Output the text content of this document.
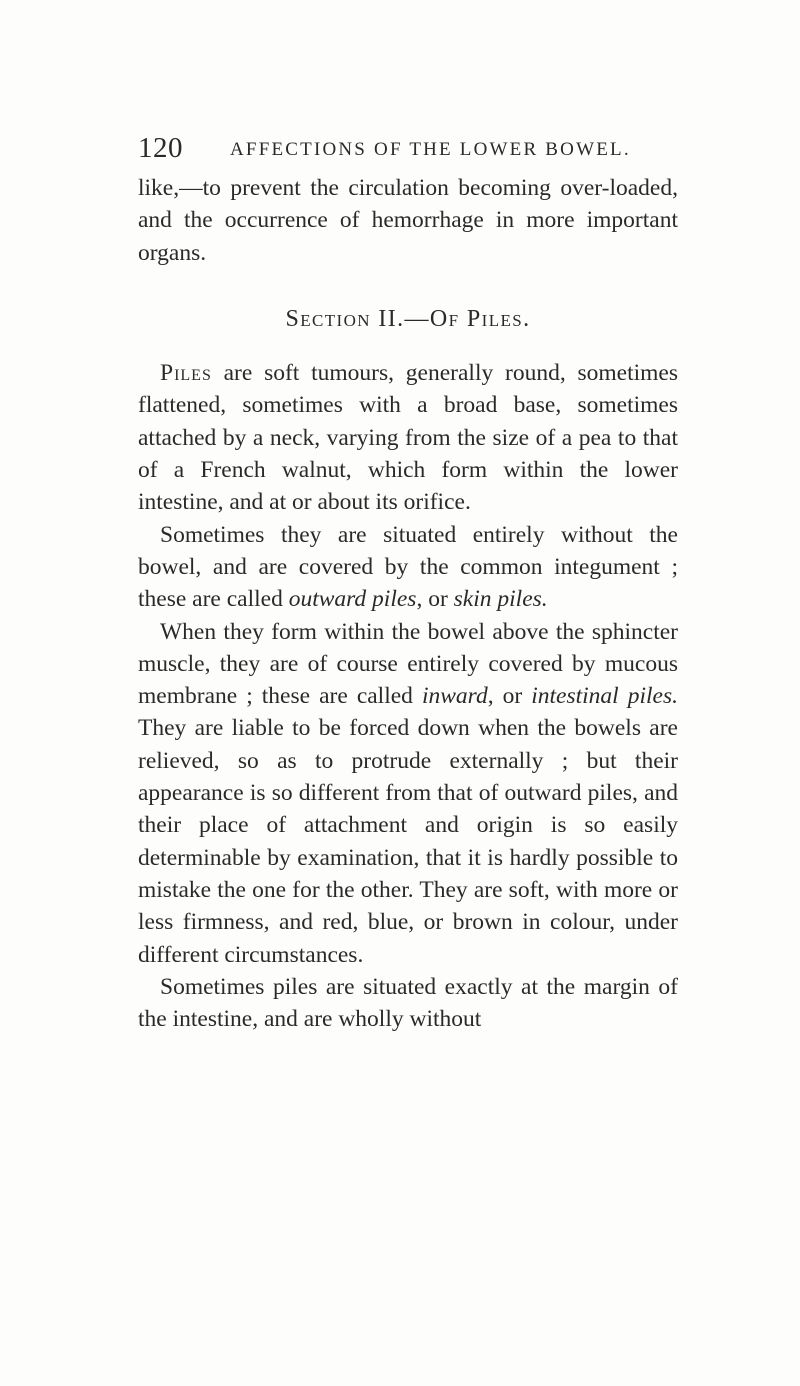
120 AFFECTIONS OF THE LOWER BOWEL.

like,—to prevent the circulation becoming over-loaded, and the occurrence of hemorrhage in more important organs.

Section II.—Of Piles.

Piles are soft tumours, generally round, sometimes flattened, sometimes with a broad base, sometimes attached by a neck, varying from the size of a pea to that of a French walnut, which form within the lower intestine, and at or about its orifice.

Sometimes they are situated entirely without the bowel, and are covered by the common integument ; these are called outward piles, or skin piles.

When they form within the bowel above the sphincter muscle, they are of course entirely covered by mucous membrane ; these are called inward, or intestinal piles. They are liable to be forced down when the bowels are relieved, so as to protrude externally ; but their appearance is so different from that of outward piles, and their place of attachment and origin is so easily determinable by examination, that it is hardly possible to mistake the one for the other. They are soft, with more or less firmness, and red, blue, or brown in colour, under different circumstances.

Sometimes piles are situated exactly at the margin of the intestine, and are wholly without
